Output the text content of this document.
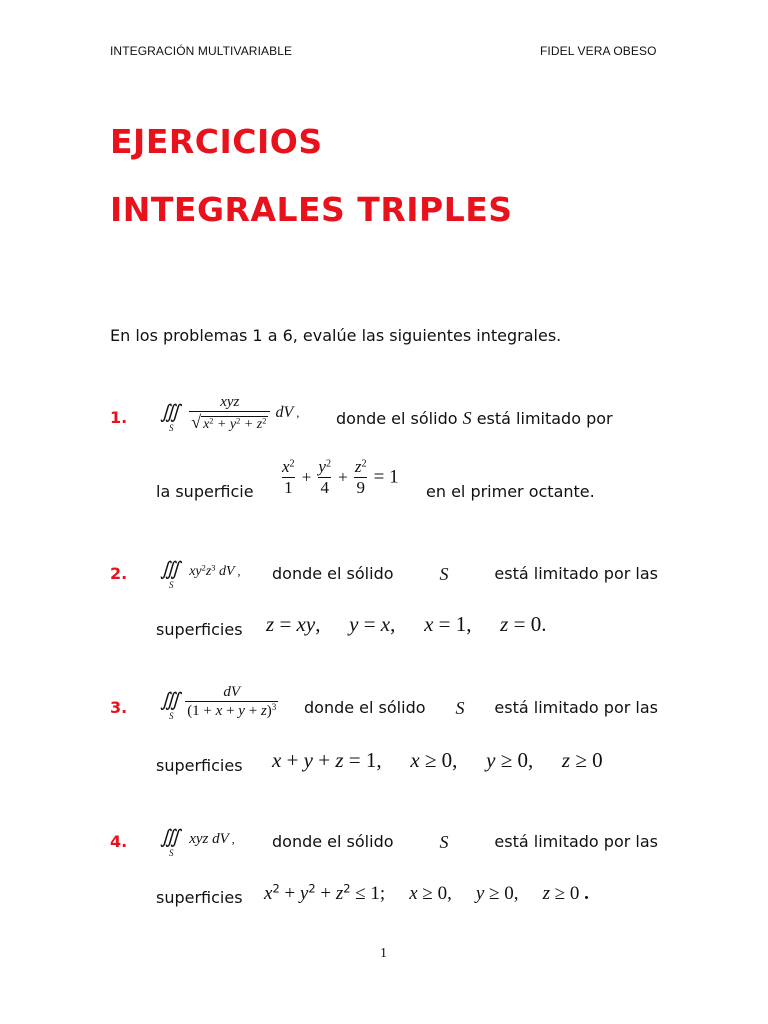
INTEGRACIÓN MULTIVARIABLE	FIDEL VERA OBESO
EJERCICIOS
INTEGRALES TRIPLES
En los problemas 1 a 6, evalúe las siguientes integrales.
1. ∭
S
$\frac{\text{xyz}}{√ x^2 + y^2 + z^2}$ dV , donde el sólido S está limitado por
la superficie $\frac{x^2}{1} + \frac{y^2}{4} + \frac{z^2}{9} = 1$
en el primer octante.
2. ∭
S
$xy^2z^3$ dV , donde el sólido	S	está limitado por las
superficies z = xy, y = x, x = 1, z = 0.
3. ∭
S
$\frac{dV}{(1 + x + y + z)^3}$ donde el sólido S está limitado por las
superficies x + y + z = 1, x ≥ 0, y ≥ 0, z ≥ 0
4. ∭
S
xyz dV , donde el sólido	S	está limitado por las
superficies $x^2 + y^2 + z^2 \le 1$; x ≥ 0, y ≥ 0, z ≥ 0 .
1
